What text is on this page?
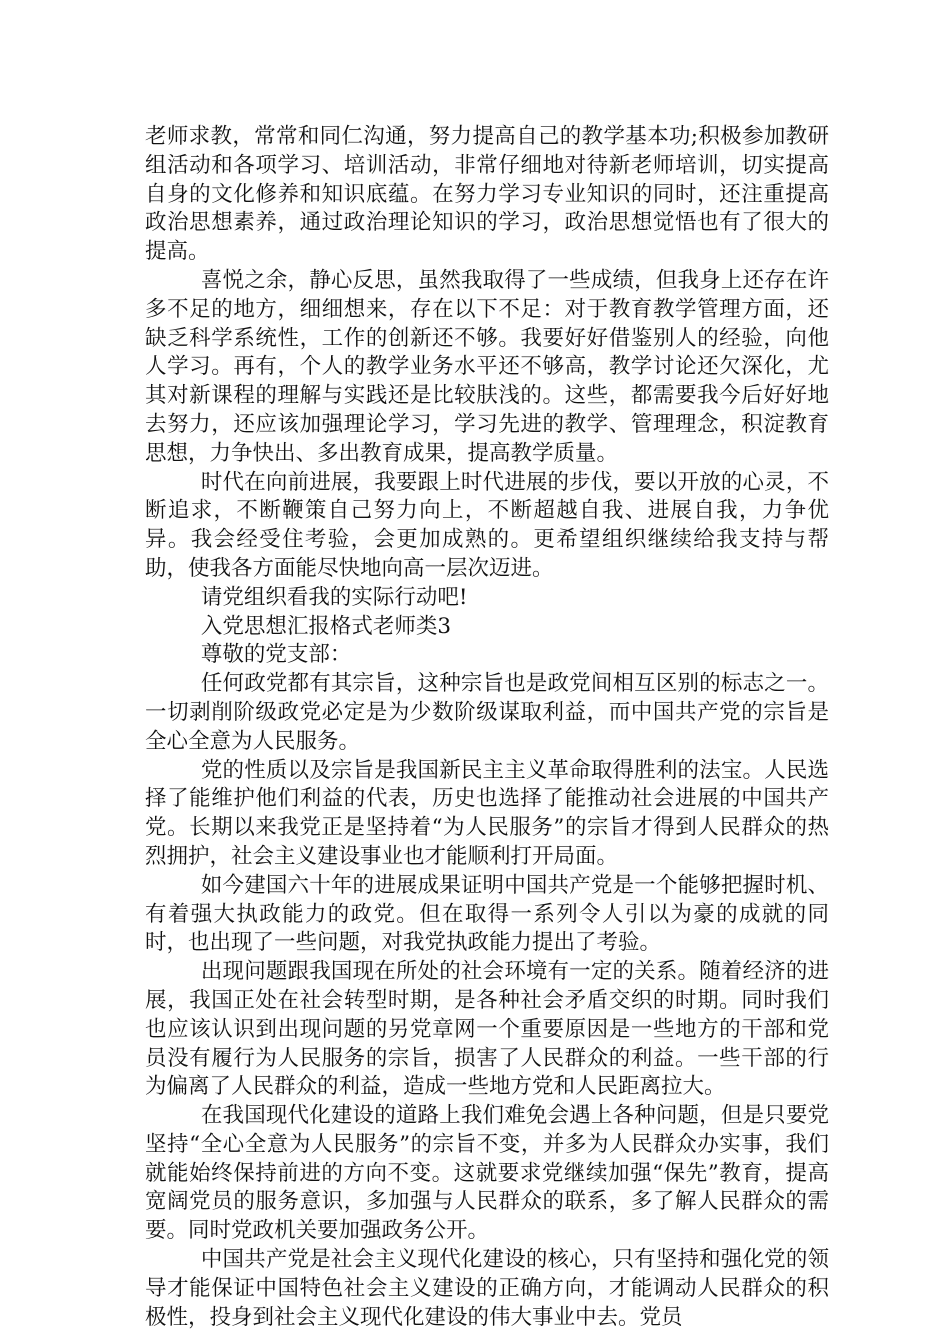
老师求教，常常和同仁沟通，努力提高自己的教学基本功;积极参加教研组活动和各项学习、培训活动，非常仔细地对待新老师培训，切实提高自身的文化修养和知识底蕴。在努力学习专业知识的同时，还注重提高政治思想素养，通过政治理论知识的学习，政治思想觉悟也有了很大的提高。

喜悦之余，静心反思，虽然我取得了一些成绩，但我身上还存在许多不足的地方，细细想来，存在以下不足：对于教育教学管理方面，还缺乏科学系统性，工作的创新还不够。我要好好借鉴别人的经验，向他人学习。再有，个人的教学业务水平还不够高，教学讨论还欠深化，尤其对新课程的理解与实践还是比较肤浅的。这些，都需要我今后好好地去努力，还应该加强理论学习，学习先进的教学、管理理念，积淀教育思想，力争快出、多出教育成果，提高教学质量。

时代在向前进展，我要跟上时代进展的步伐，要以开放的心灵，不断追求，不断鞭策自己努力向上，不断超越自我、进展自我，力争优异。我会经受住考验，会更加成熟的。更希望组织继续给我支持与帮助，使我各方面能尽快地向高一层次迈进。

请党组织看我的实际行动吧!

入党思想汇报格式老师类3

尊敬的党支部：

任何政党都有其宗旨，这种宗旨也是政党间相互区别的标志之一。一切剥削阶级政党必定是为少数阶级谋取利益，而中国共产党的宗旨是全心全意为人民服务。

党的性质以及宗旨是我国新民主主义革命取得胜利的法宝。人民选择了能维护他们利益的代表，历史也选择了能推动社会进展的中国共产党。长期以来我党正是坚持着“为人民服务”的宗旨才得到人民群众的热烈拥护，社会主义建设事业也才能顺利打开局面。

如今建国六十年的进展成果证明中国共产党是一个能够把握时机、有着强大执政能力的政党。但在取得一系列令人引以为豪的成就的同时，也出现了一些问题，对我党执政能力提出了考验。

出现问题跟我国现在所处的社会环境有一定的关系。随着经济的进展，我国正处在社会转型时期，是各种社会矛盾交织的时期。同时我们也应该认识到出现问题的另党章网一个重要原因是一些地方的干部和党员没有履行为人民服务的宗旨，损害了人民群众的利益。一些干部的行为偏离了人民群众的利益，造成一些地方党和人民距离拉大。

在我国现代化建设的道路上我们难免会遇上各种问题，但是只要党坚持“全心全意为人民服务”的宗旨不变，并多为人民群众办实事，我们就能始终保持前进的方向不变。这就要求党继续加强“保先”教育，提高宽阔党员的服务意识，多加强与人民群众的联系，多了解人民群众的需要。同时党政机关要加强政务公开。

中国共产党是社会主义现代化建设的核心，只有坚持和强化党的领导才能保证中国特色社会主义建设的正确方向，才能调动人民群众的积极性，投身到社会主义现代化建设的伟大事业中去。党员
